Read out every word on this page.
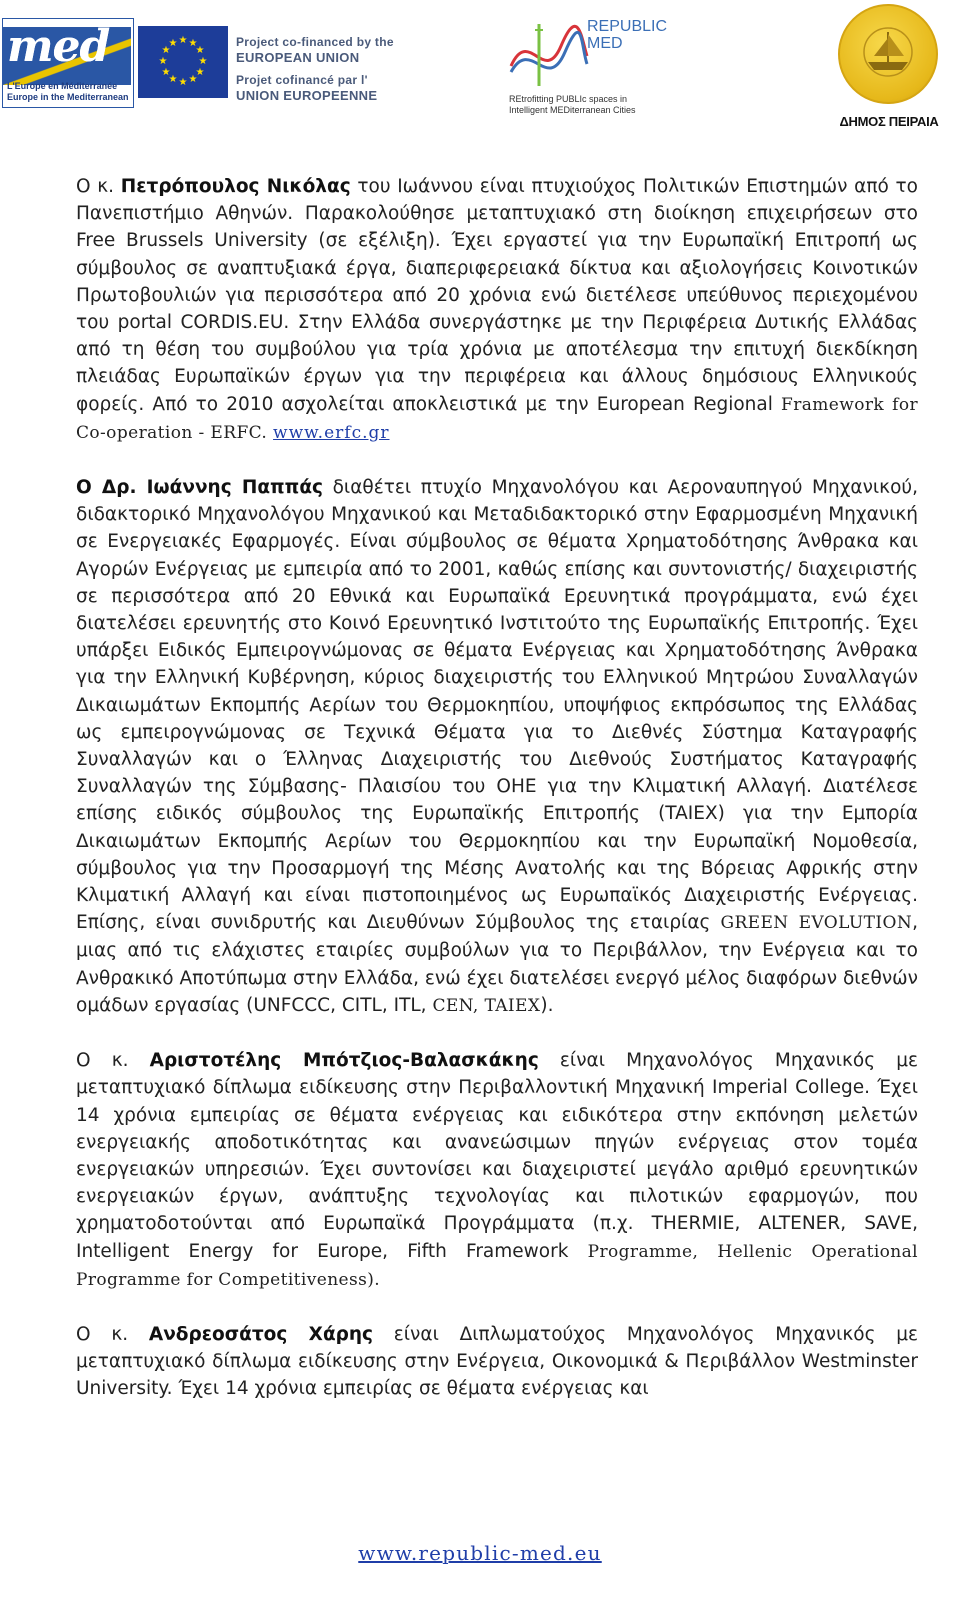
med
L'Europe en Méditerranée
Europe in the Mediterranean
★ ★
★
★
★
★
★
★
★
★
★
★	Project co-financed by the
EUROPEAN UNION
Projet cofinancé par l'
UNION EUROPEENNE
REPUBLIC
MED
REtrofitting PUBLIc spaces in
Intelligent MEDiterranean Cities
ΔΗΜΟΣ ΠΕΙΡΑΙΑ

Ο κ. Πετρόπουλος Νικόλας του Ιωάννου είναι πτυχιούχος Πολιτικών Επιστημών από το Πανεπιστήμιο Αθηνών. Παρακολούθησε μεταπτυχιακό στη διοίκηση επιχειρήσεων στο Free Brussels University (σε εξέλιξη). Έχει εργαστεί για την Ευρωπαϊκή Επιτροπή ως σύμβουλος σε αναπτυξιακά έργα, διαπεριφερειακά δίκτυα και αξιολογήσεις Κοινοτικών Πρωτοβουλιών για περισσότερα από 20 χρόνια ενώ διετέλεσε υπεύθυνος περιεχομένου του portal CORDIS.EU. Στην Ελλάδα συνεργάστηκε με την Περιφέρεια Δυτικής Ελλάδας από τη θέση του συμβούλου για τρία χρόνια με αποτέλεσμα την επιτυχή διεκδίκηση πλειάδας Ευρωπαϊκών έργων για την περιφέρεια και άλλους δημόσιους Ελληνικούς φορείς. Από το 2010 ασχολείται αποκλειστικά με την European Regional Framework for Co-operation - ERFC. www.erfc.gr

Ο Δρ. Ιωάννης Παππάς διαθέτει πτυχίο Μηχανολόγου και Αεροναυπηγού Μηχανικού, διδακτορικό Μηχανολόγου Μηχανικού και Μεταδιδακτορικό στην Εφαρμοσμένη Μηχανική σε Ενεργειακές Εφαρμογές. Είναι σύμβουλος σε θέματα Χρηματοδότησης Άνθρακα και Αγορών Ενέργειας με εμπειρία από το 2001, καθώς επίσης και συντονιστής/ διαχειριστής σε περισσότερα από 20 Εθνικά και Ευρωπαϊκά Ερευνητικά προγράμματα, ενώ έχει διατελέσει ερευνητής στο Κοινό Ερευνητικό Ινστιτούτο της Ευρωπαϊκής Επιτροπής. Έχει υπάρξει Ειδικός Εμπειρογνώμονας σε θέματα Ενέργειας και Χρηματοδότησης Άνθρακα για την Ελληνική Κυβέρνηση, κύριος διαχειριστής του Ελληνικού Μητρώου Συναλλαγών Δικαιωμάτων Εκπομπής Αερίων του Θερμοκηπίου, υποψήφιος εκπρόσωπος της Ελλάδας ως εμπειρογνώμονας σε Τεχνικά Θέματα για το Διεθνές Σύστημα Καταγραφής Συναλλαγών και ο Έλληνας Διαχειριστής του Διεθνούς Συστήματος Καταγραφής Συναλλαγών της Σύμβασης- Πλαισίου του ΟΗΕ για την Κλιματική Αλλαγή. Διατέλεσε επίσης ειδικός σύμβουλος της Ευρωπαϊκής Επιτροπής (TAIEX) για την Εμπορία Δικαιωμάτων Εκπομπής Αερίων του Θερμοκηπίου και την Ευρωπαϊκή Νομοθεσία, σύμβουλος για την Προσαρμογή της Μέσης Ανατολής και της Βόρειας Αφρικής στην Κλιματική Αλλαγή και είναι πιστοποιημένος ως Ευρωπαϊκός Διαχειριστής Ενέργειας. Επίσης, είναι συνιδρυτής και Διευθύνων Σύμβουλος της εταιρίας GREEN EVOLUTION, μιας από τις ελάχιστες εταιρίες συμβούλων για το Περιβάλλον, την Ενέργεια και το Ανθρακικό Αποτύπωμα στην Ελλάδα, ενώ έχει διατελέσει ενεργό μέλος διαφόρων διεθνών ομάδων εργασίας (UNFCCC, CITL, ITL, CEN, TAIEX).

Ο κ. Αριστοτέλης Μπότζιος-Βαλασκάκης είναι Μηχανολόγος Μηχανικός με μεταπτυχιακό δίπλωμα ειδίκευσης στην Περιβαλλοντική Μηχανική Imperial College. Έχει 14 χρόνια εμπειρίας σε θέματα ενέργειας και ειδικότερα στην εκπόνηση μελετών ενεργειακής αποδοτικότητας και ανανεώσιμων πηγών ενέργειας στον τομέα ενεργειακών υπηρεσιών. Έχει συντονίσει και διαχειριστεί μεγάλο αριθμό ερευνητικών ενεργειακών έργων, ανάπτυξης τεχνολογίας και πιλοτικών εφαρμογών, που χρηματοδοτούνται από Ευρωπαϊκά Προγράμματα (π.χ. THERMIE, ALTENER, SAVE, Intelligent Energy for Europe, Fifth Framework Programme, Hellenic Operational Programme for Competitiveness).

Ο κ. Ανδρεοσάτος Χάρης είναι Διπλωματούχος Μηχανολόγος Μηχανικός με μεταπτυχιακό δίπλωμα ειδίκευσης στην Ενέργεια, Οικονομικά & Περιβάλλον Westminster University. Έχει 14 χρόνια εμπειρίας σε θέματα ενέργειας και

www.republic-med.eu
